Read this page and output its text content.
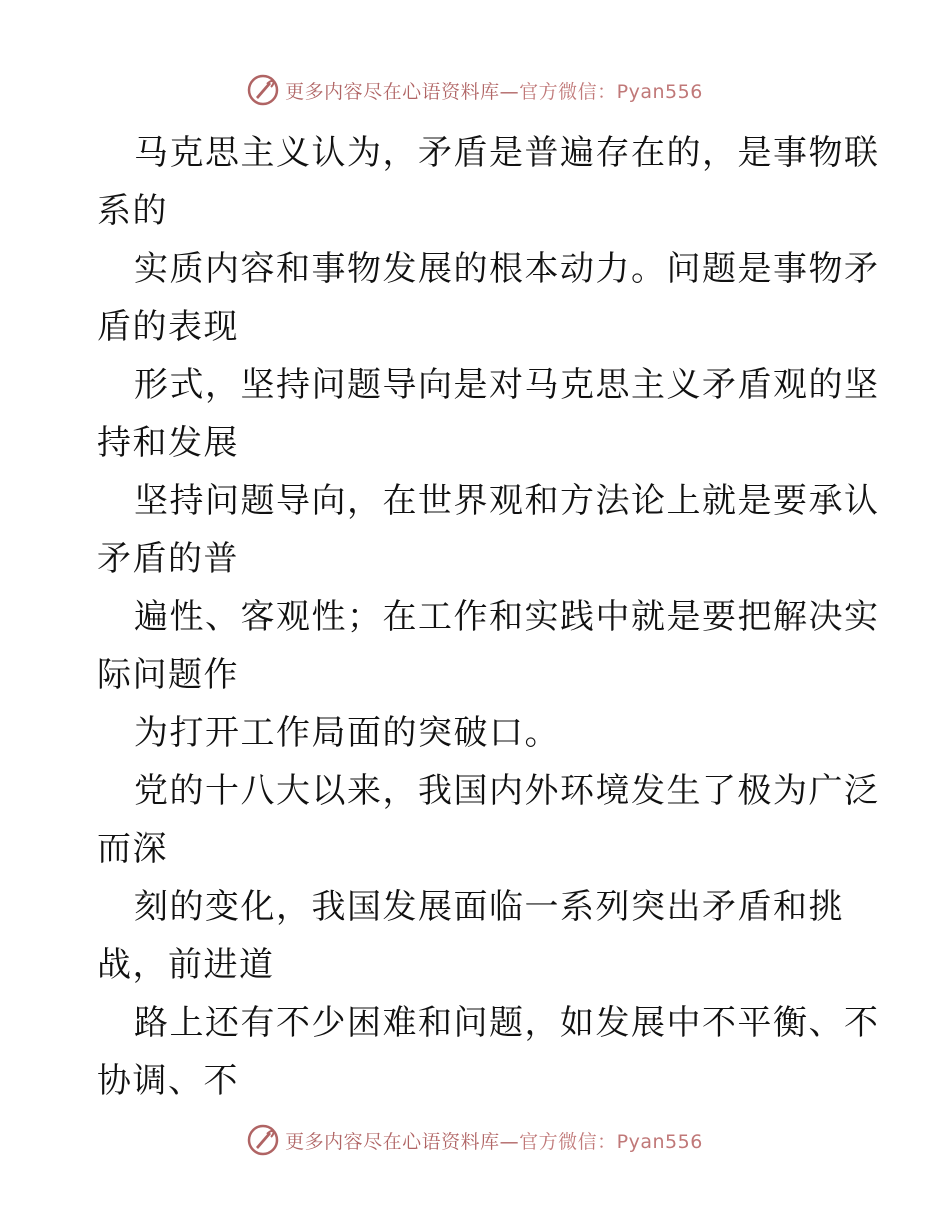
更多内容尽在心语资料库—官方微信：Pyan556
马克思主义认为，矛盾是普遍存在的，是事物联
系的
实质内容和事物发展的根本动力。问题是事物矛
盾的表现
形式，坚持问题导向是对马克思主义矛盾观的坚
持和发展
坚持问题导向，在世界观和方法论上就是要承认
矛盾的普
遍性、客观性；在工作和实践中就是要把解决实
际问题作
为打开工作局面的突破口。
党的十八大以来，我国内外环境发生了极为广泛
而深
刻的变化，我国发展面临一系列突出矛盾和挑
战，前进道
路上还有不少困难和问题，如发展中不平衡、不
协调、不
更多内容尽在心语资料库—官方微信：Pyan556
